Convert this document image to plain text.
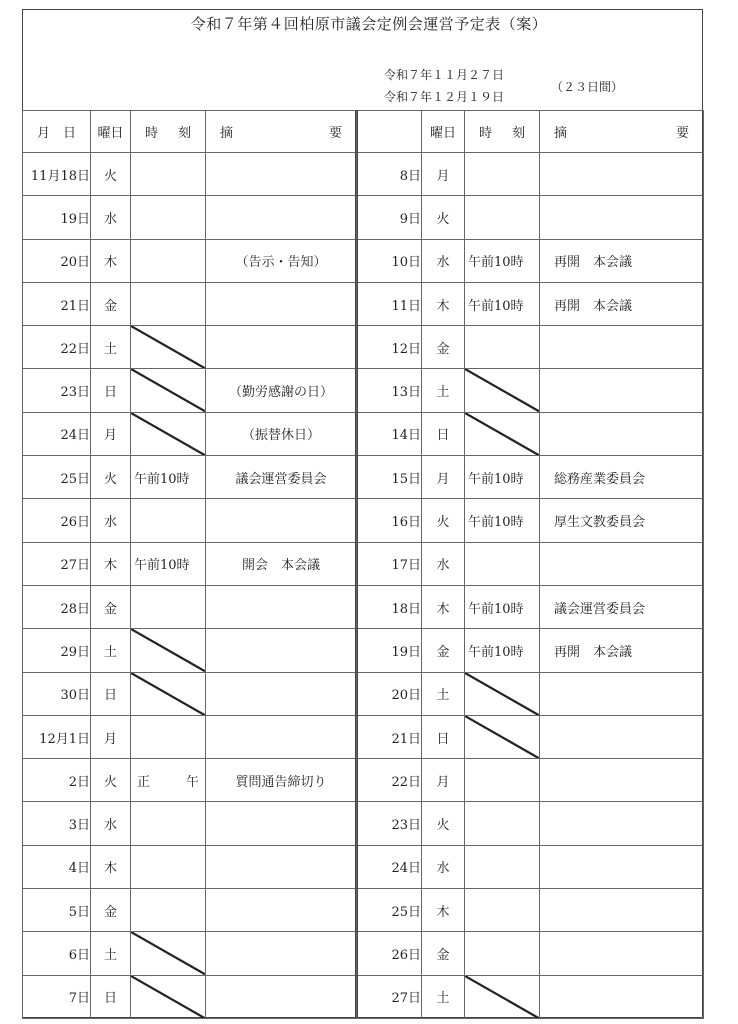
令和７年第４回柏原市議会定例会運営予定表（案）
令和７年１１月２７日
令和７年１２月１９日
（２３日間）
月 日	曜日	時 刻	摘 要

11月18日	火		
19日	水		
20日	木		（告示・告知）
21日	金		
22日	土	

23日	日		（勤労感謝の日）
24日	月		（振替休日）
25日	火	午前10時	議会運営委員会
26日	水		
27日	木	午前10時	開会　本会議
28日	金		
29日	土	

30日	日	

12月1日	月		
2日	火	正 午	質問通告締切り
3日	水		
4日	木		
5日	金		
6日	土	

7日	日	

	曜日	時 刻	摘 要

8日	月		
9日	火		
10日	水	午前10時	再開　本会議
11日	木	午前10時	再開　本会議
12日	金		
13日	土	

14日	日	

15日	月	午前10時	総務産業委員会
16日	火	午前10時	厚生文教委員会
17日	水		
18日	木	午前10時	議会運営委員会
19日	金	午前10時	再開　本会議
20日	土	

21日	日	

22日	月		
23日	火		
24日	水		
25日	木		
26日	金		
27日	土	
